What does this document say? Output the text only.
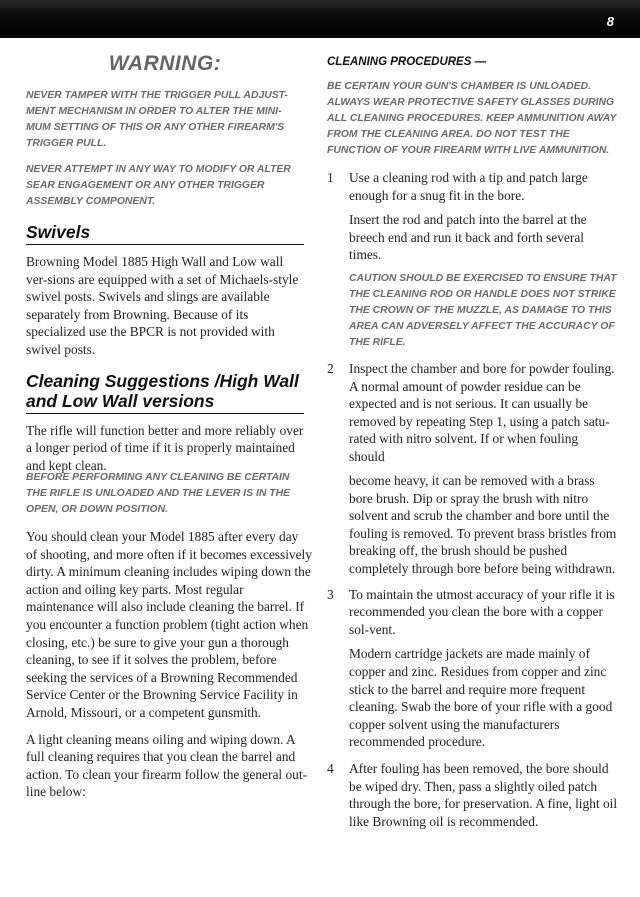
8
WARNING:

NEVER TAMPER WITH THE TRIGGER PULL ADJUST-MENT MECHANISM IN ORDER TO ALTER THE MINI-MUM SETTING OF THIS OR ANY OTHER FIREARM'S TRIGGER PULL.

NEVER ATTEMPT IN ANY WAY TO MODIFY OR ALTER SEAR ENGAGEMENT OR ANY OTHER TRIGGER ASSEMBLY COMPONENT.

Swivels

Browning Model 1885 High Wall and Low wall ver-sions are equipped with a set of Michaels-style swivel posts. Swivels and slings are available separately from Browning. Because of its specialized use the BPCR is not provided with swivel posts.

Cleaning Suggestions /High Wall and Low Wall versions

The rifle will function better and more reliably over a longer period of time if it is properly maintained and kept clean.

CLEANING PROCEDURES —

BE CERTAIN YOUR GUN'S CHAMBER IS UNLOADED. ALWAYS WEAR PROTECTIVE SAFETY GLASSES DURING ALL CLEANING PROCEDURES. KEEP AMMUNITION AWAY FROM THE CLEANING AREA. DO NOT TEST THE FUNCTION OF YOUR FIREARM WITH LIVE AMMUNITION.

1 Use a cleaning rod with a tip and patch large enough for a snug fit in the bore.

Insert the rod and patch into the barrel at the breech end and run it back and forth several times.

CAUTION SHOULD BE EXERCISED TO ENSURE THAT THE CLEANING ROD OR HANDLE DOES NOT STRIKE THE CROWN OF THE MUZZLE, AS DAMAGE TO THIS AREA CAN ADVERSELY AFFECT THE ACCURACY OF THE RIFLE.

2 Inspect the chamber and bore for powder fouling. A normal amount of powder residue can be expected and is not serious. It can usually be removed by repeating Step 1, using a patch satu-rated with nitro solvent. If or when fouling should

BEFORE PERFORMING ANY CLEANING BE CERTAIN THE RIFLE IS UNLOADED AND THE LEVER IS IN THE OPEN, OR DOWN POSITION.

You should clean your Model 1885 after every day of shooting, and more often if it becomes excessively dirty. A minimum cleaning includes wiping down the action and oiling key parts. Most regular maintenance will also include cleaning the barrel. If you encounter a function problem (tight action when closing, etc.) be sure to give your gun a thorough cleaning, to see if it solves the problem, before seeking the services of a Browning Recommended Service Center or the Browning Service Facility in Arnold, Missouri, or a competent gunsmith.

A light cleaning means oiling and wiping down. A full cleaning requires that you clean the barrel and action. To clean your firearm follow the general out-line below:

become heavy, it can be removed with a brass bore brush. Dip or spray the brush with nitro solvent and scrub the chamber and bore until the fouling is removed. To prevent brass bristles from breaking off, the brush should be pushed completely through bore before being withdrawn.

3 To maintain the utmost accuracy of your rifle it is recommended you clean the bore with a copper sol-vent.

Modern cartridge jackets are made mainly of copper and zinc. Residues from copper and zinc stick to the barrel and require more frequent cleaning. Swab the bore of your rifle with a good copper solvent using the manufacturers recommended procedure.

4 After fouling has been removed, the bore should be wiped dry. Then, pass a slightly oiled patch through the bore, for preservation. A fine, light oil like Browning oil is recommended.
